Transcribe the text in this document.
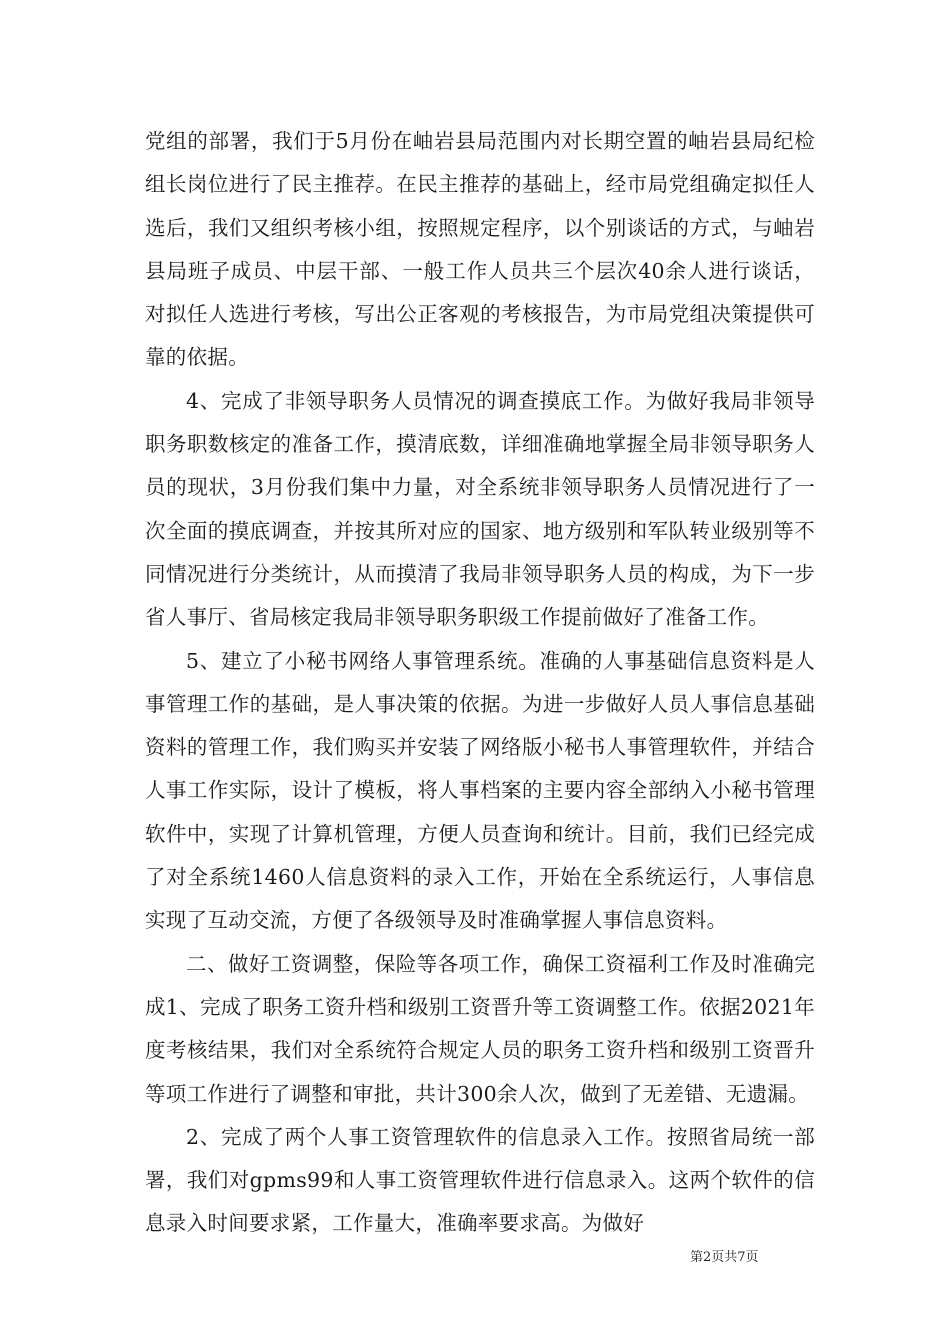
党组的部署，我们于5月份在岫岩县局范围内对长期空置的岫岩县局纪检组长岗位进行了民主推荐。在民主推荐的基础上，经市局党组确定拟任人选后，我们又组织考核小组，按照规定程序，以个别谈话的方式，与岫岩县局班子成员、中层干部、一般工作人员共三个层次40余人进行谈话，对拟任人选进行考核，写出公正客观的考核报告，为市局党组决策提供可靠的依据。

4、完成了非领导职务人员情况的调查摸底工作。为做好我局非领导职务职数核定的准备工作，摸清底数，详细准确地掌握全局非领导职务人员的现状，3月份我们集中力量，对全系统非领导职务人员情况进行了一次全面的摸底调查，并按其所对应的国家、地方级别和军队转业级别等不同情况进行分类统计，从而摸清了我局非领导职务人员的构成，为下一步省人事厅、省局核定我局非领导职务职级工作提前做好了准备工作。

5、建立了小秘书网络人事管理系统。准确的人事基础信息资料是人事管理工作的基础，是人事决策的依据。为进一步做好人员人事信息基础资料的管理工作，我们购买并安装了网络版小秘书人事管理软件，并结合人事工作实际，设计了模板，将人事档案的主要内容全部纳入小秘书管理软件中，实现了计算机管理，方便人员查询和统计。目前，我们已经完成了对全系统1460人信息资料的录入工作，开始在全系统运行，人事信息实现了互动交流，方便了各级领导及时准确掌握人事信息资料。

二、做好工资调整，保险等各项工作，确保工资福利工作及时准确完成1、完成了职务工资升档和级别工资晋升等工资调整工作。依据2021年度考核结果，我们对全系统符合规定人员的职务工资升档和级别工资晋升等项工作进行了调整和审批，共计300余人次，做到了无差错、无遗漏。

2、完成了两个人事工资管理软件的信息录入工作。按照省局统一部署，我们对gpms99和人事工资管理软件进行信息录入。这两个软件的信息录入时间要求紧，工作量大，准确率要求高。为做好

第2页共7页
